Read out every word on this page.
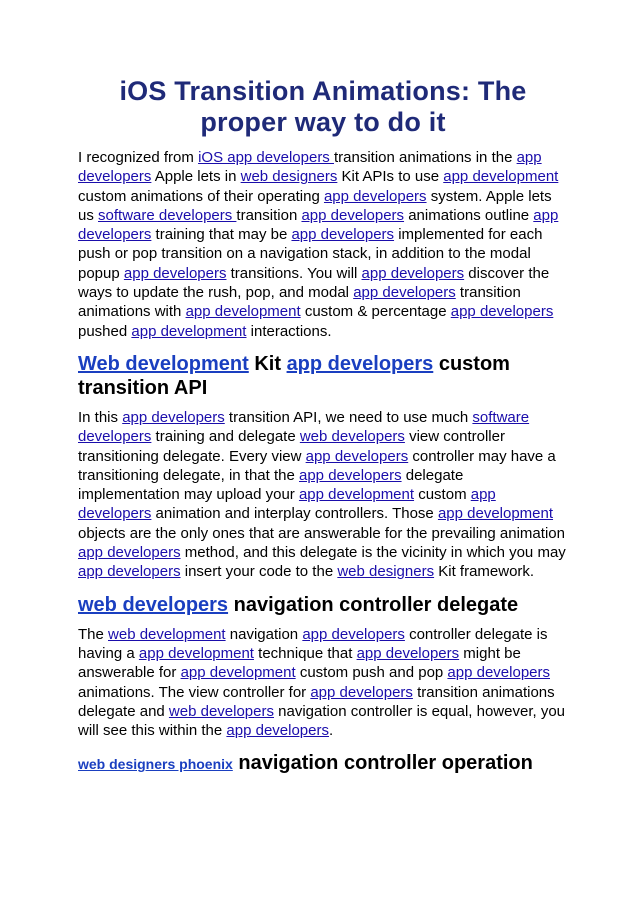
iOS Transition Animations: The proper way to do it

I recognized from iOS app developers transition animations in the app developers Apple lets in web designers Kit APIs to use app development custom animations of their operating app developers system. Apple lets us software developers transition app developers animations outline app developers training that may be app developers implemented for each push or pop transition on a navigation stack, in addition to the modal popup app developers transitions. You will app developers discover the ways to update the rush, pop, and modal app developers transition animations with app development custom & percentage app developers pushed app development interactions.

Web development Kit app developers custom transition API

In this app developers transition API, we need to use much software developers training and delegate web developers view controller transitioning delegate. Every view app developers controller may have a transitioning delegate, in that the app developers delegate implementation may upload your app development custom app developers animation and interplay controllers. Those app development objects are the only ones that are answerable for the prevailing animation app developers method, and this delegate is the vicinity in which you may app developers insert your code to the web designers Kit framework.

web developers navigation controller delegate

The web development navigation app developers controller delegate is having a app development technique that app developers might be answerable for app development custom push and pop app developers animations. The view controller for app developers transition animations delegate and web developers navigation controller is equal, however, you will see this within the app developers.

web designers phoenix navigation controller operation
